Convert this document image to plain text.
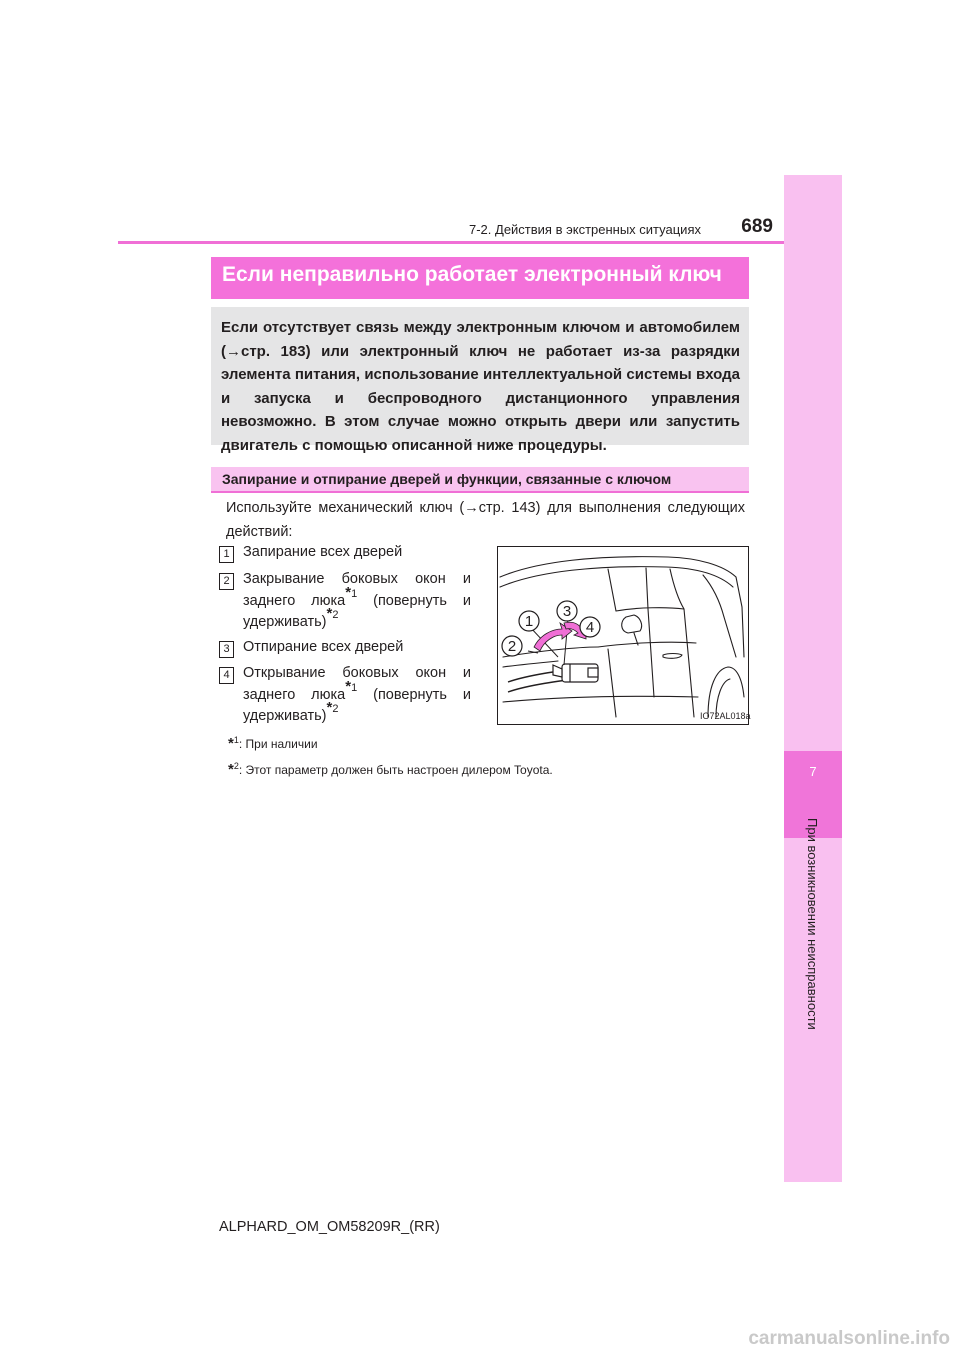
7
При возникновении неисправности
7-2. Действия в экстренных ситуациях	689
Если неправильно работает электронный ключ
Если отсутствует связь между электронным ключом и автомобилем (→стр. 183) или электронный ключ не работает из-за разрядки элемента питания, использование интеллектуальной системы входа и запуска и беспроводного дистанционного управления невозможно. В этом случае можно открыть двери или запустить двигатель с помощью описанной ниже процедуры.
Запирание и отпирание дверей и функции, связанные с ключом
Используйте механический ключ (→стр. 143) для выполнения следующих действий:
1 Запирание всех дверей
2 Закрывание боковых окон и заднего люка$^{*1}$ (повернуть и удерживать)$^{*2}$
3 Отпирание всех дверей
4 Открывание боковых окон и заднего люка$^{*1}$ (повернуть и удерживать)$^{*2}$
1
2
3
4
IO72AL018a
*$^1$: При наличии
*$^2$: Этот параметр должен быть настроен дилером Toyota.
ALPHARD_OM_OM58209R_(RR)
carmanualsonline.info
